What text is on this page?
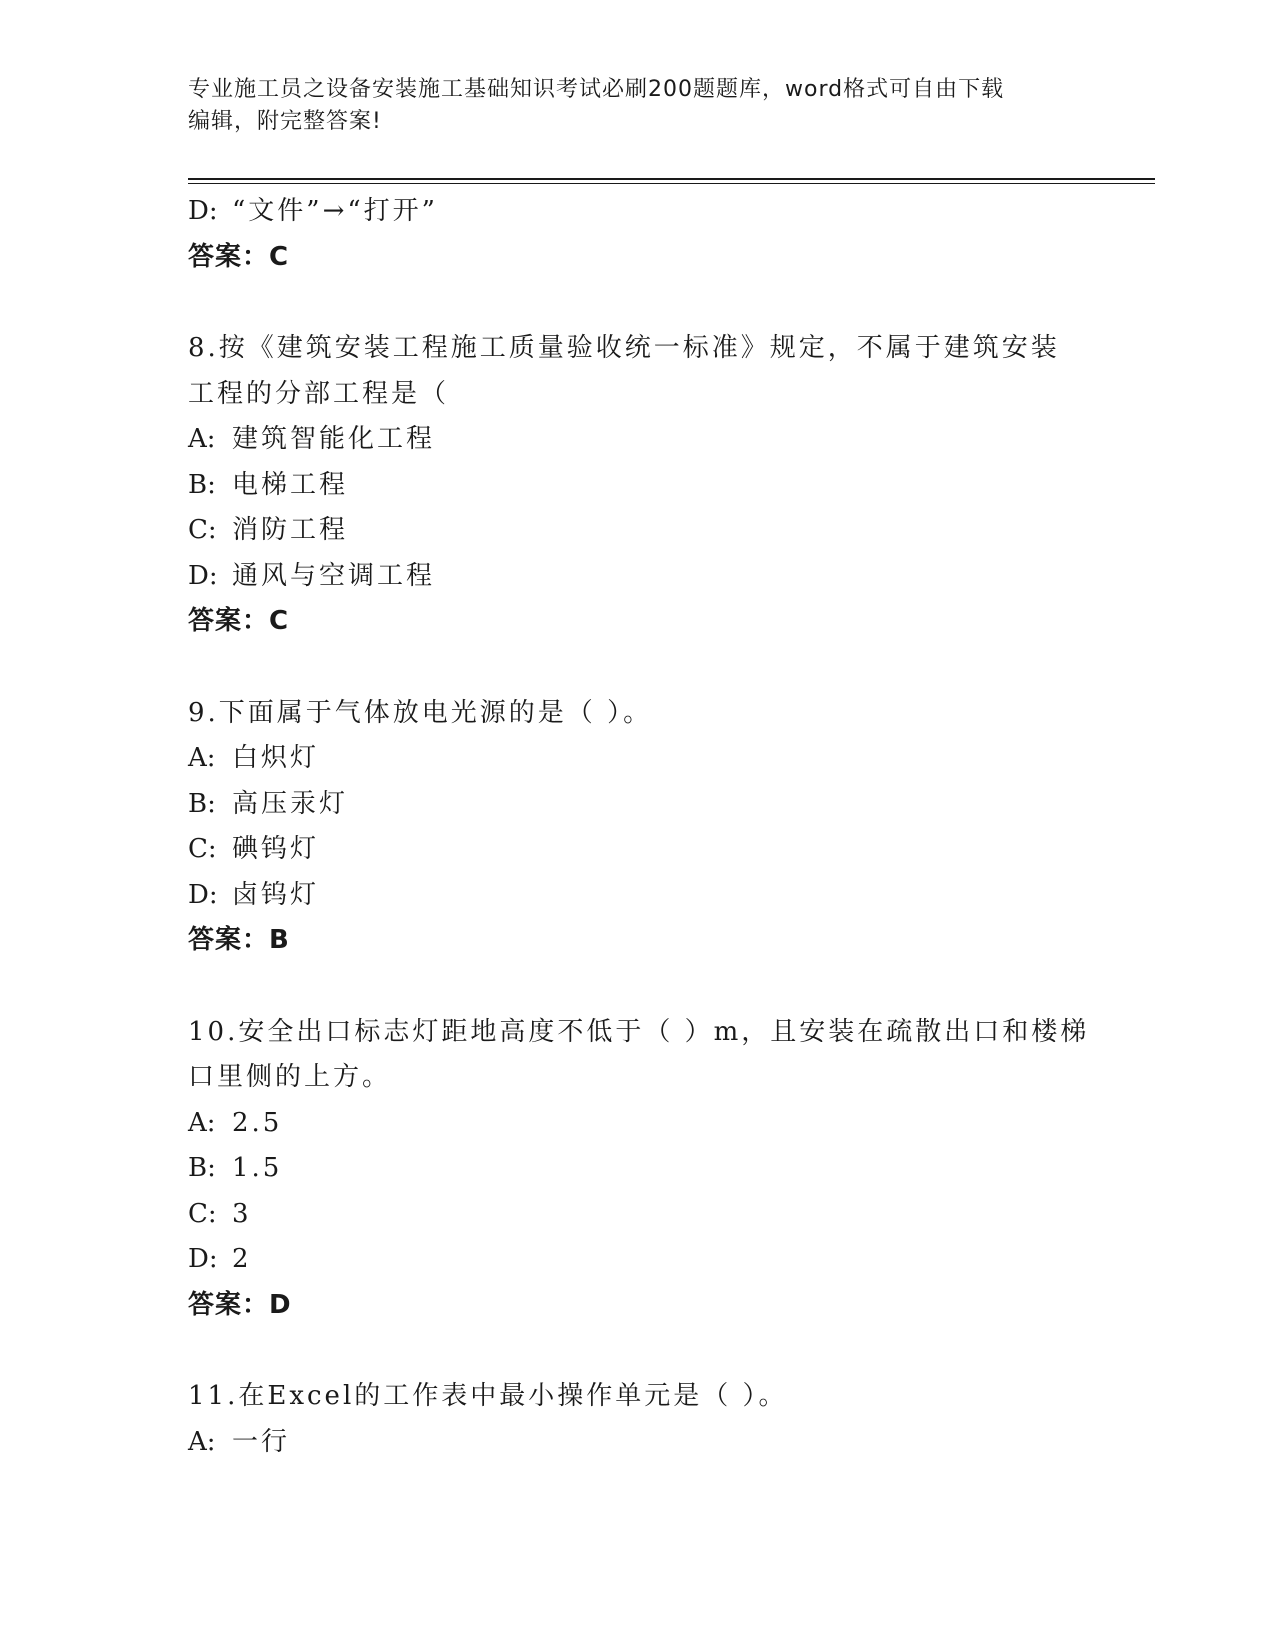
专业施工员之设备安装施工基础知识考试必刷200题题库，word格式可自由下载
编辑，附完整答案!
D: “文件”→“打开”
答案：C
8.按《建筑安装工程施工质量验收统一标准》规定，不属于建筑安装
工程的分部工程是（
A: 建筑智能化工程
B: 电梯工程
C: 消防工程
D: 通风与空调工程
答案：C
9.下面属于气体放电光源的是（ ）。
A: 白炽灯
B: 高压汞灯
C: 碘钨灯
D: 卤钨灯
答案：B
10.安全出口标志灯距地高度不低于（ ）m，且安装在疏散出口和楼梯
口里侧的上方。
A: 2.5
B: 1.5
C: 3
D: 2
答案：D
11.在Excel的工作表中最小操作单元是（ ）。
A: 一行
